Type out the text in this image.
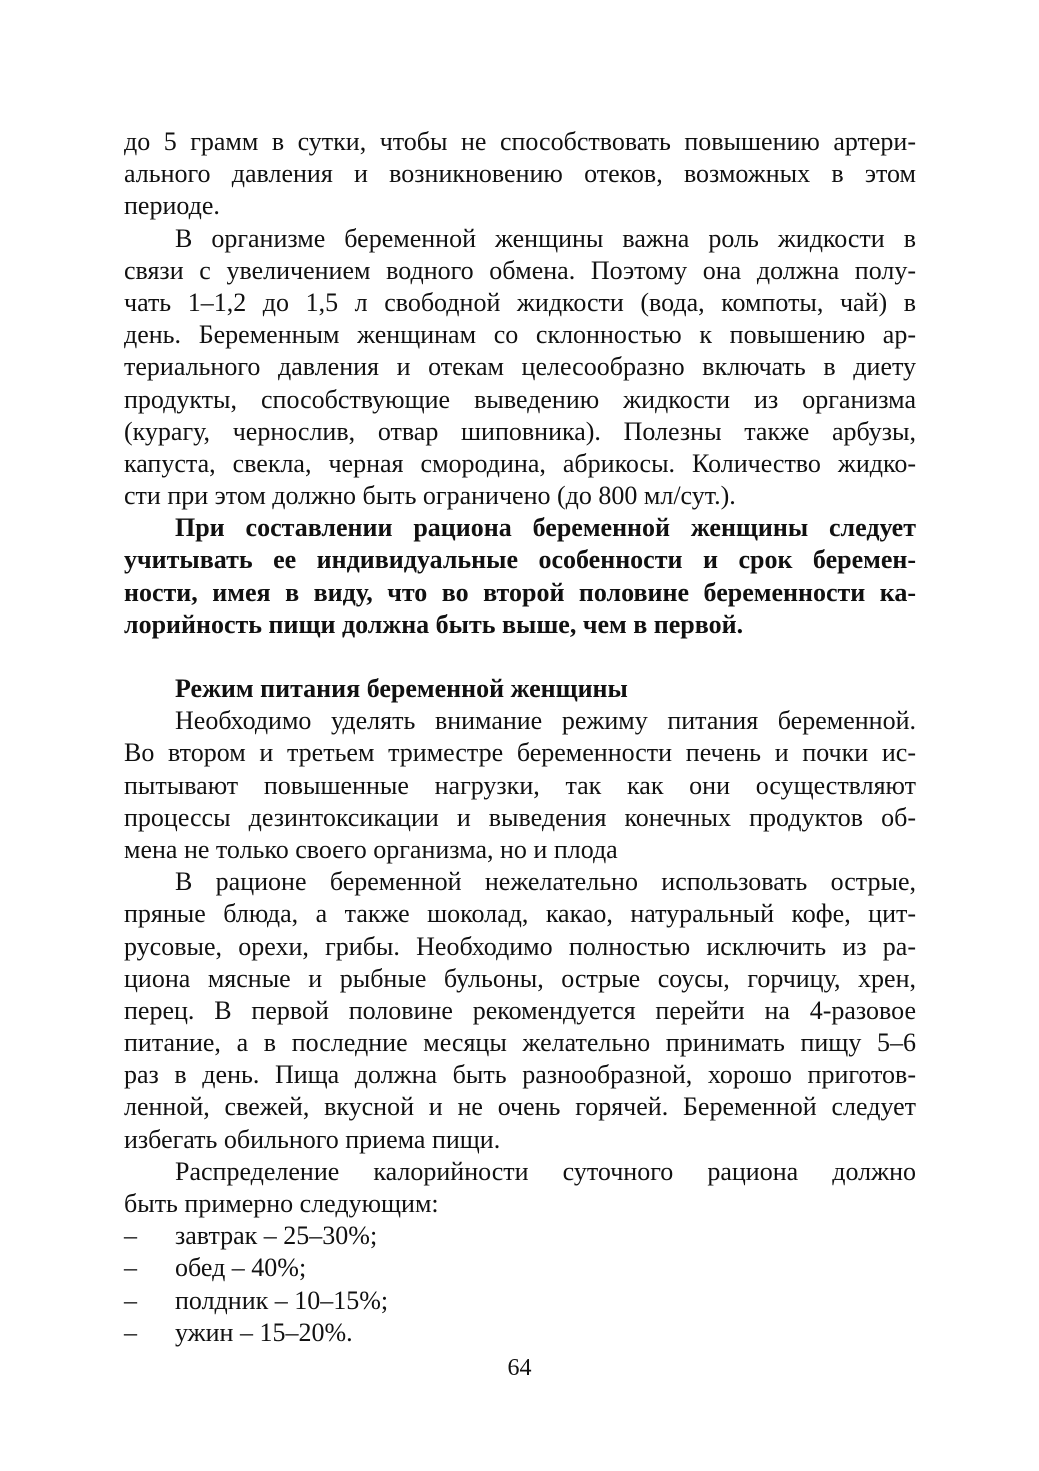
до 5 грамм в сутки, чтобы не способствовать повышению артери-
ального давления и возникновению отеков, возможных в этом
периоде.
В организме беременной женщины важна роль жидкости в
связи с увеличением водного обмена. Поэтому она должна полу-
чать 1–1,2 до 1,5 л свободной жидкости (вода, компоты, чай) в
день. Беременным женщинам со склонностью к повышению ар-
териального давления и отекам целесообразно включать в диету
продукты, способствующие выведению жидкости из организма
(курагу, чернослив, отвар шиповника). Полезны также арбузы,
капуста, свекла, черная смородина, абрикосы. Количество жидко-
сти при этом должно быть ограничено (до 800 мл/сут.).
При составлении рациона беременной женщины следует
учитывать ее индивидуальные особенности и срок беремен-
ности, имея в виду, что во второй половине беременности ка-
лорийность пищи должна быть выше, чем в первой.
Режим питания беременной женщины
Необходимо уделять внимание режиму питания беременной.
Во втором и третьем триместре беременности печень и почки ис-
пытывают повышенные нагрузки, так как они осуществляют
процессы дезинтоксикации и выведения конечных продуктов об-
мена не только своего организма, но и плода
В рационе беременной нежелательно использовать острые,
пряные блюда, а также шоколад, какао, натуральный кофе, цит-
русовые, орехи, грибы. Необходимо полностью исключить из ра-
циона мясные и рыбные бульоны, острые соусы, горчицу, хрен,
перец. В первой половине рекомендуется перейти на 4-разовое
питание, а в последние месяцы желательно принимать пищу 5–6
раз в день. Пища должна быть разнообразной, хорошо приготов-
ленной, свежей, вкусной и не очень горячей. Беременной следует
избегать обильного приема пищи.
Распределение калорийности суточного рациона должно
быть примерно следующим:
– завтрак – 25–30%;
– обед – 40%;
– полдник – 10–15%;
– ужин – 15–20%.
64
